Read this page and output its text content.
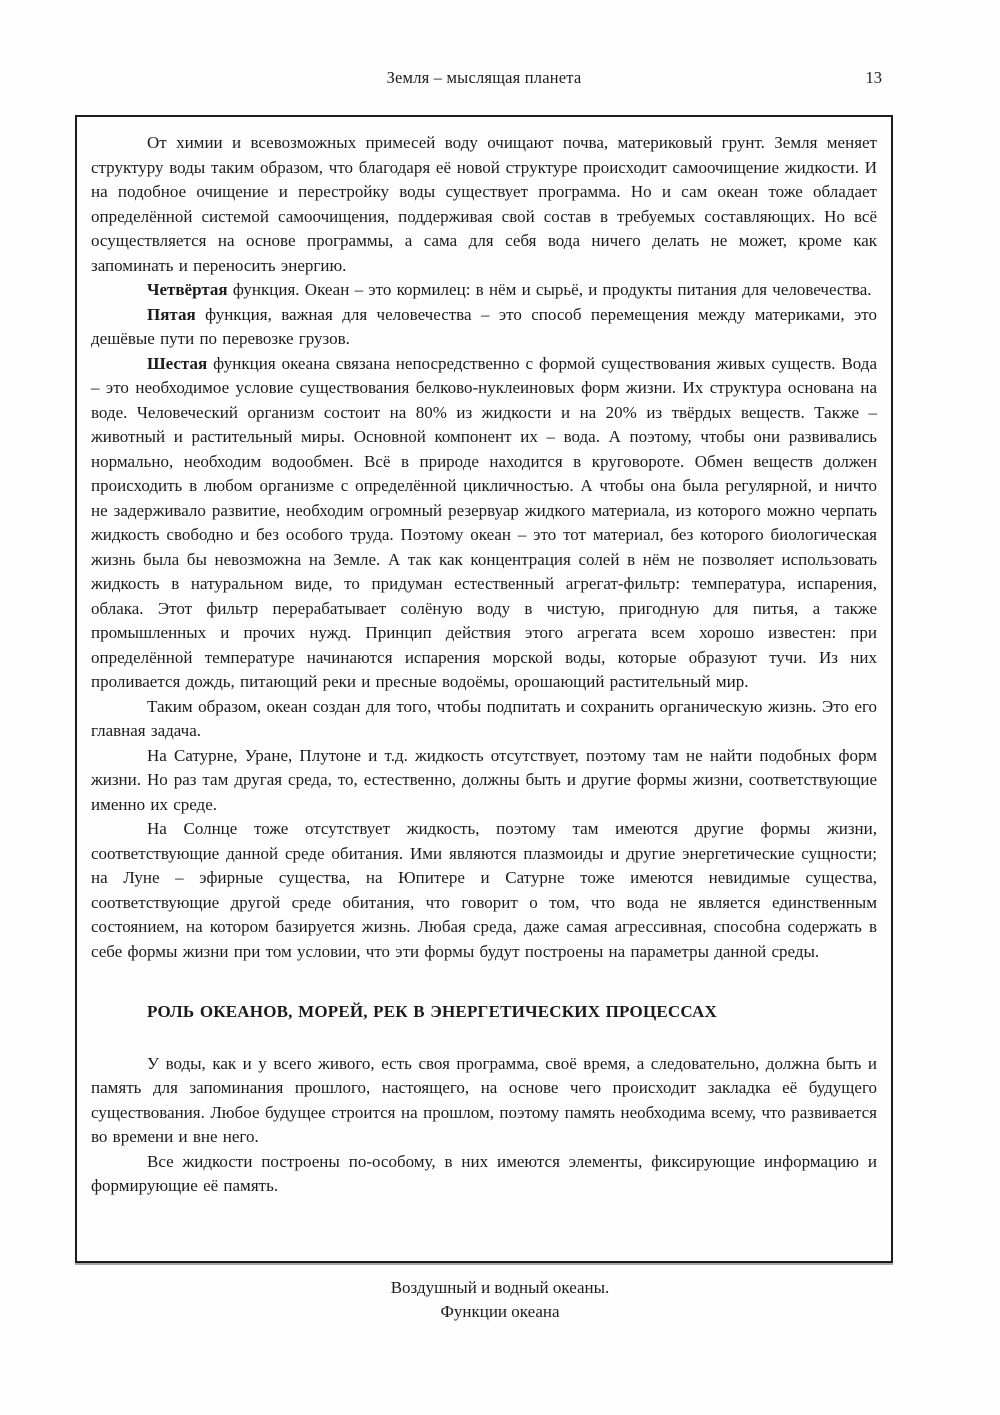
Земля – мыслящая планета	13

От химии и всевозможных примесей воду очищают почва, материковый грунт. Земля меняет структуру воды таким образом, что благодаря её новой структуре происходит самоочищение жидкости. И на подобное очищение и перестройку воды существует программа. Но и сам океан тоже обладает определённой системой самоочищения, поддерживая свой состав в требуемых составляющих. Но всё осуществляется на основе программы, а сама для себя вода ничего делать не может, кроме как запоминать и переносить энергию.

Четвёртая функция. Океан – это кормилец: в нём и сырьё, и продукты питания для человечества.

Пятая функция, важная для человечества – это способ перемещения между материками, это дешёвые пути по перевозке грузов.

Шестая функция океана связана непосредственно с формой существования живых существ. Вода – это необходимое условие существования белково-нуклеиновых форм жизни. Их структура основана на воде. Человеческий организм состоит на 80% из жидкости и на 20% из твёрдых веществ. Также – животный и растительный миры. Основной компонент их – вода. А поэтому, чтобы они развивались нормально, необходим водообмен. Всё в природе находится в круговороте. Обмен веществ должен происходить в любом организме с определённой цикличностью. А чтобы она была регулярной, и ничто не задерживало развитие, необходим огромный резервуар жидкого материала, из которого можно черпать жидкость свободно и без особого труда. Поэтому океан – это тот материал, без которого биологическая жизнь была бы невозможна на Земле. А так как концентрация солей в нём не позволяет использовать жидкость в натуральном виде, то придуман естественный агрегат-фильтр: температура, испарения, облака. Этот фильтр перерабатывает солёную воду в чистую, пригодную для питья, а также промышленных и прочих нужд. Принцип действия этого агрегата всем хорошо известен: при определённой температуре начинаются испарения морской воды, которые образуют тучи. Из них проливается дождь, питающий реки и пресные водоёмы, орошающий растительный мир.

Таким образом, океан создан для того, чтобы подпитать и сохранить органическую жизнь. Это его главная задача.

На Сатурне, Уране, Плутоне и т.д. жидкость отсутствует, поэтому там не найти подобных форм жизни. Но раз там другая среда, то, естественно, должны быть и другие формы жизни, соответствующие именно их среде.

На Солнце тоже отсутствует жидкость, поэтому там имеются другие формы жизни, соответствующие данной среде обитания. Ими являются плазмоиды и другие энергетические сущности; на Луне – эфирные существа, на Юпитере и Сатурне тоже имеются невидимые существа, соответствующие другой среде обитания, что говорит о том, что вода не является единственным состоянием, на котором базируется жизнь. Любая среда, даже самая агрессивная, способна содержать в себе формы жизни при том условии, что эти формы будут построены на параметры данной среды.

РОЛЬ ОКЕАНОВ, МОРЕЙ, РЕК В ЭНЕРГЕТИЧЕСКИХ ПРОЦЕССАХ

У воды, как и у всего живого, есть своя программа, своё время, а следовательно, должна быть и память для запоминания прошлого, настоящего, на основе чего происходит закладка её будущего существования. Любое будущее строится на прошлом, поэтому память необходима всему, что развивается во времени и вне него.

Все жидкости построены по-особому, в них имеются элементы, фиксирующие информацию и формирующие её память.

Воздушный и водный океаны.
Функции океана
